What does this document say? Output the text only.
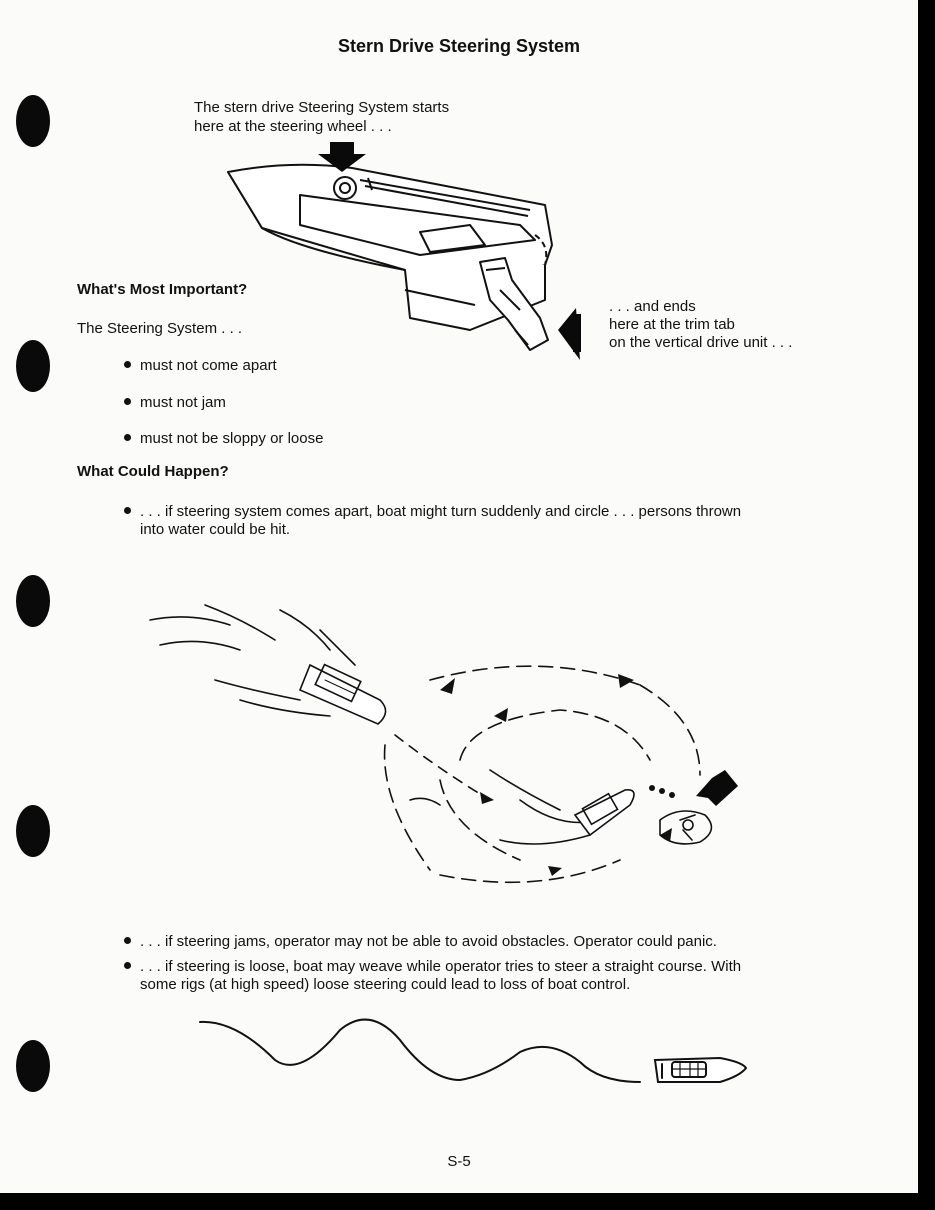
Stern Drive Steering System
The stern drive Steering System starts
here at the steering wheel . . .
What's Most Important?
The Steering System . . .
. . . and ends
here at the trim tab
on the vertical drive unit . . .
must not come apart
must not jam
must not be sloppy or loose
What Could Happen?
. . . if steering system comes apart, boat might turn suddenly and circle . . . persons thrown
into water could be hit.
. . . if steering jams, operator may not be able to avoid obstacles. Operator could panic.
. . . if steering is loose, boat may weave while operator tries to steer a straight course. With
some rigs (at high speed) loose steering could lead to loss of boat control.
S-5
